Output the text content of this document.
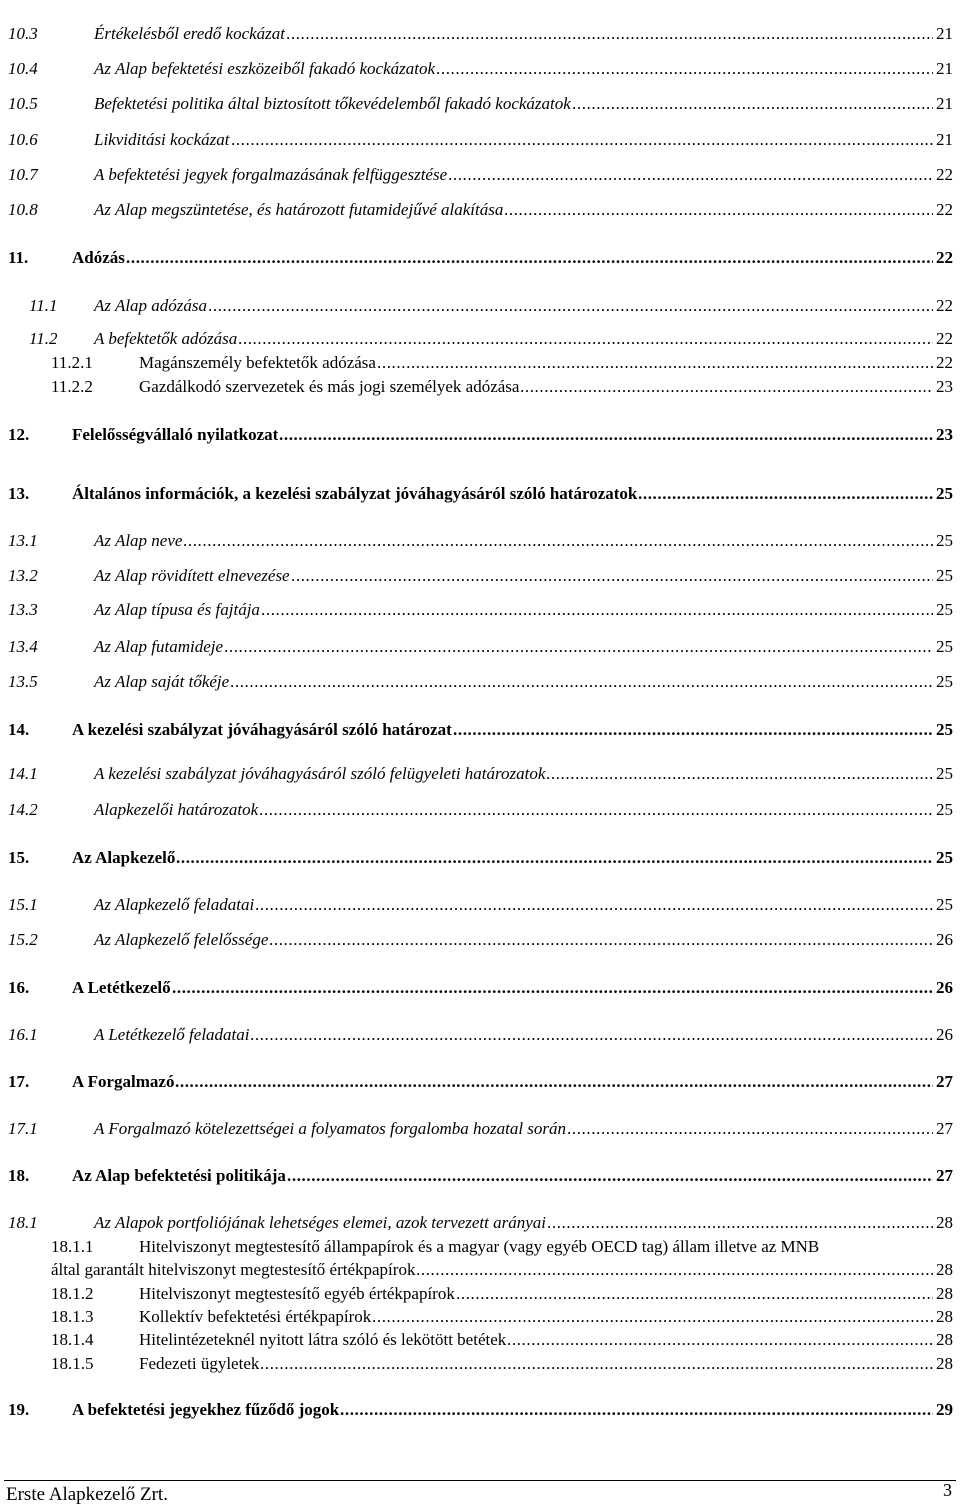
10.3	Értékelésből eredő kockázat .....	21
10.4	Az Alap befektetési eszközeiből fakadó kockázatok .....	21
10.5	Befektetési politika által biztosított tőkevédelemből fakadó kockázatok .....	21
10.6	Likviditási kockázat .....	21
10.7	A befektetési jegyek forgalmazásának felfüggesztése .....	22
10.8	Az Alap megszüntetése, és határozott futamidejűvé alakítása .....	22
11.	Adózás .....	22
11.1 Az Alap adózása .....	22
11.2 A befektetők adózása .....	22
11.2.1	Magánszemély befektetők adózása .....	22
11.2.2	Gazdálkodó szervezetek és más jogi személyek adózása .....	23
12.	Felelősségvállaló nyilatkozat .....	23
13.	Általános információk, a kezelési szabályzat jóváhagyásáról szóló határozatok .....	25
13.1	Az Alap neve .....	25
13.2	Az Alap rövidített elnevezése .....	25
13.3	Az Alap típusa és fajtája .....	25
13.4	Az Alap futamideje .....	25
13.5	Az Alap saját tőkéje .....	25
14.	A kezelési szabályzat jóváhagyásáról szóló határozat .....	25
14.1	A kezelési szabályzat jóváhagyásáról szóló felügyeleti határozatok .....	25
14.2	Alapkezelői határozatok .....	25
15.	Az Alapkezelő .....	25
15.1	Az Alapkezelő feladatai .....	25
15.2	Az Alapkezelő felelőssége .....	26
16.	A Letétkezelő .....	26
16.1	A Letétkezelő feladatai .....	26
17.	A Forgalmazó .....	27
17.1	A Forgalmazó kötelezettségei a folyamatos forgalomba hozatal során .....	27
18.	Az Alap befektetési politikája .....	27
18.1	Az Alapok portfoliójának lehetséges elemei, azok tervezett arányai .....	28
18.1.1	Hitelviszonyt megtestesítő állampapírok és a magyar (vagy egyéb OECD tag) állam illetve az MNB
által garantált hitelviszonyt megtestesítő értékpapírok .....	28
18.1.2	Hitelviszonyt megtestesítő egyéb értékpapírok .....	28
18.1.3	Kollektív befektetési értékpapírok .....	28
18.1.4	Hitelintézeteknél nyitott látra szóló és lekötött betétek .....	28
18.1.5	Fedezeti ügyletek .....	28
19.	A befektetési jegyekhez fűződő jogok .....	29
Erste Alapkezelő Zrt.	3
